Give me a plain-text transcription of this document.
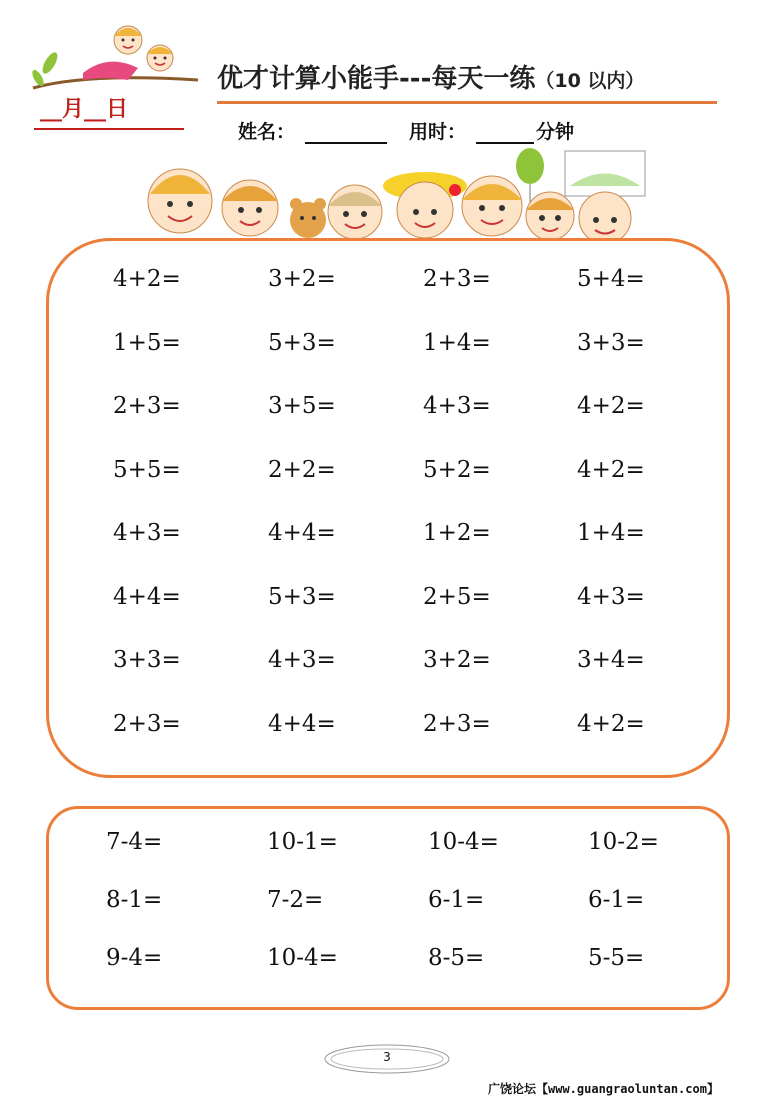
__月__日
优才计算小能手---每天一练（10 以内）
姓名：	用时：	分钟
4+2=	3+2=	2+3=	5+4=
1+5=	5+3=	1+4=	3+3=
2+3=	3+5=	4+3=	4+2=
5+5=	2+2=	5+2=	4+2=
4+3=	4+4=	1+2=	1+4=
4+4=	5+3=	2+5=	4+3=
3+3=	4+3=	3+2=	3+4=
2+3=	4+4=	2+3=	4+2=
7-4=	10-1=	10-4=	10-2=
8-1=	7-2=	6-1=	6-1=
9-4=	10-4=	8-5=	5-5=
3
广饶论坛【www.guangraoluntan.com】
